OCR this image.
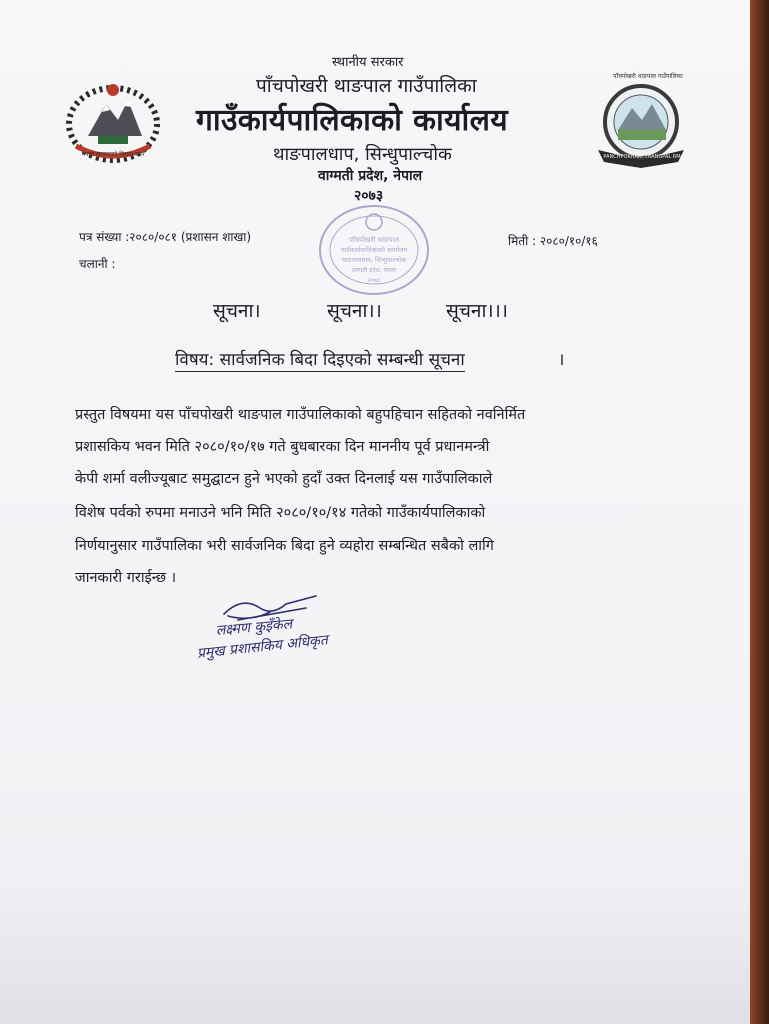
नेपाल सरकारको निशान छाप	PANCHPOKHARI THANGPAL RM
पाँचपोखरी थाङपाल गाउँपालिका
स्थानीय सरकार
पाँचपोखरी थाङपाल गाउँपालिका
गाउँकार्यपालिकाको कार्यालय
थाङपालधाप, सिन्धुपाल्चोक
वाग्मती प्रदेश, नेपाल
२०७३
पाँचपोखरी थाङपाल
गाउँकार्यपालिकाको कार्यालय
थाङपालधाप, सिन्धुपाल्चोक
वाग्मती प्रदेश, नेपाल
२०७३
पत्र संख्या :२०८०/०८१ (प्रशासन शाखा)
चलानी :
मिती : २०८०/१०/१६
सूचना।	सूचना।।	सूचना।।।
विषय: सार्वजनिक बिदा दिइएको सम्बन्धी सूचना	।
प्रस्तुत विषयमा यस पाँचपोखरी थाङपाल गाउँपालिकाको बहुपहिचान सहितको नवनिर्मित
प्रशासकिय भवन मिति २०८०/१०/१७ गते बुधबारका दिन माननीय पूर्व प्रधानमन्त्री
केपी शर्मा वलीज्यूबाट समुद्घाटन हुने भएको हुदाँ उक्त दिनलाई यस गाउँपालिकाले
विशेष पर्वको रुपमा मनाउने भनि मिति २०८०/१०/१४ गतेको गाउँकार्यपालिकाको
निर्णयानुसार गाउँपालिका भरी सार्वजनिक बिदा हुने व्यहोरा सम्बन्धित सबैको लागि
जानकारी गराईन्छ ।
लक्ष्मण कुइँकेल
प्रमुख प्रशासकिय अधिकृत
